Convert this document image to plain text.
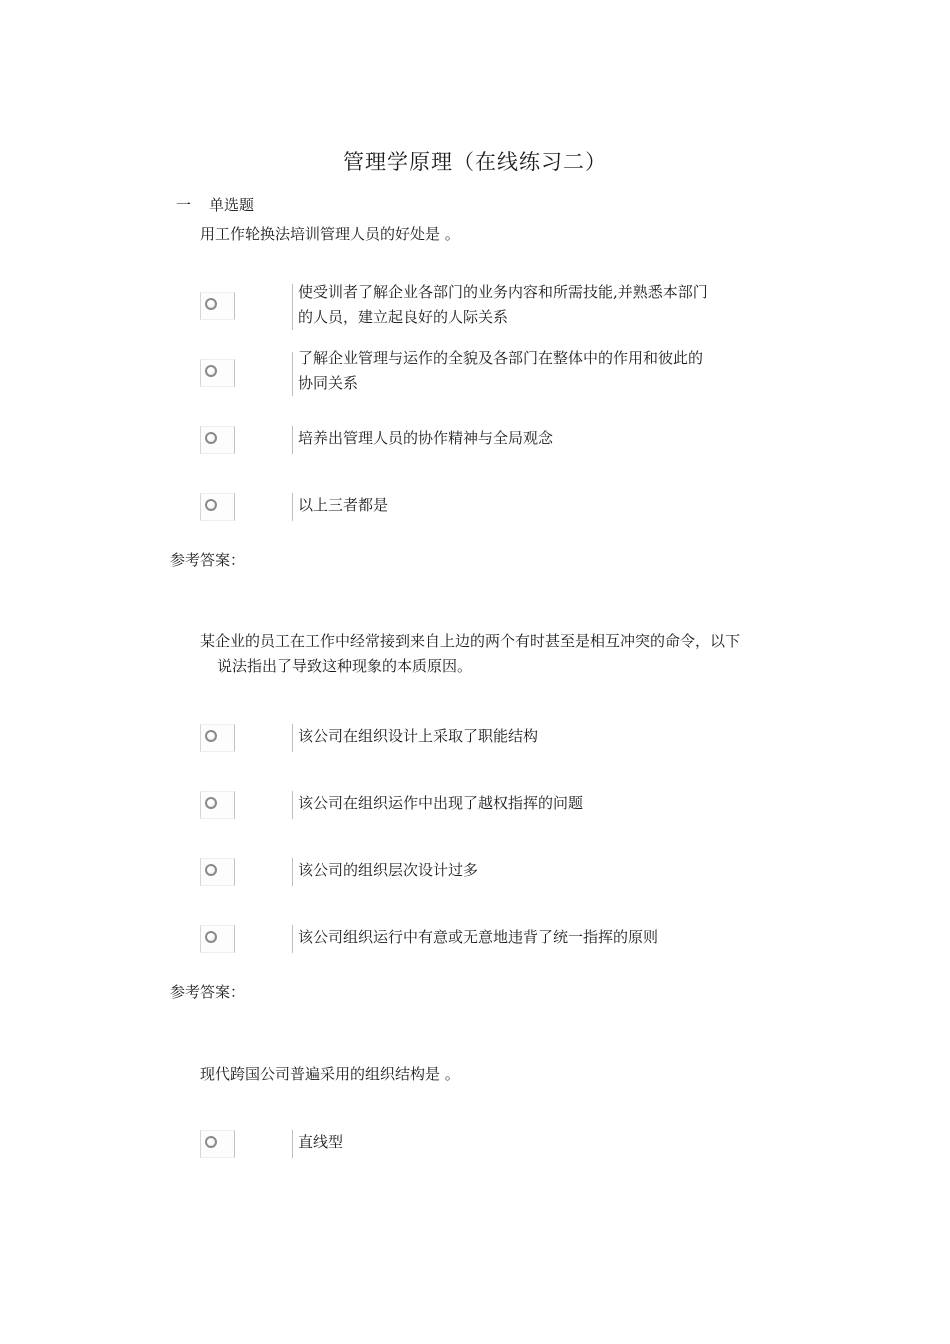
管理学原理（在线练习二）
一 单选题
用工作轮换法培训管理人员的好处是 。
使受训者了解企业各部门的业务内容和所需技能,并熟悉本部门
的人员，建立起良好的人际关系
了解企业管理与运作的全貌及各部门在整体中的作用和彼此的
协同关系
培养出管理人员的协作精神与全局观念
以上三者都是
参考答案：
某企业的员工在工作中经常接到来自上边的两个有时甚至是相互冲突的命令，以下
说法指出了导致这种现象的本质原因。
该公司在组织设计上采取了职能结构
该公司在组织运作中出现了越权指挥的问题
该公司的组织层次设计过多
该公司组织运行中有意或无意地违背了统一指挥的原则
参考答案：
现代跨国公司普遍采用的组织结构是 。
直线型
